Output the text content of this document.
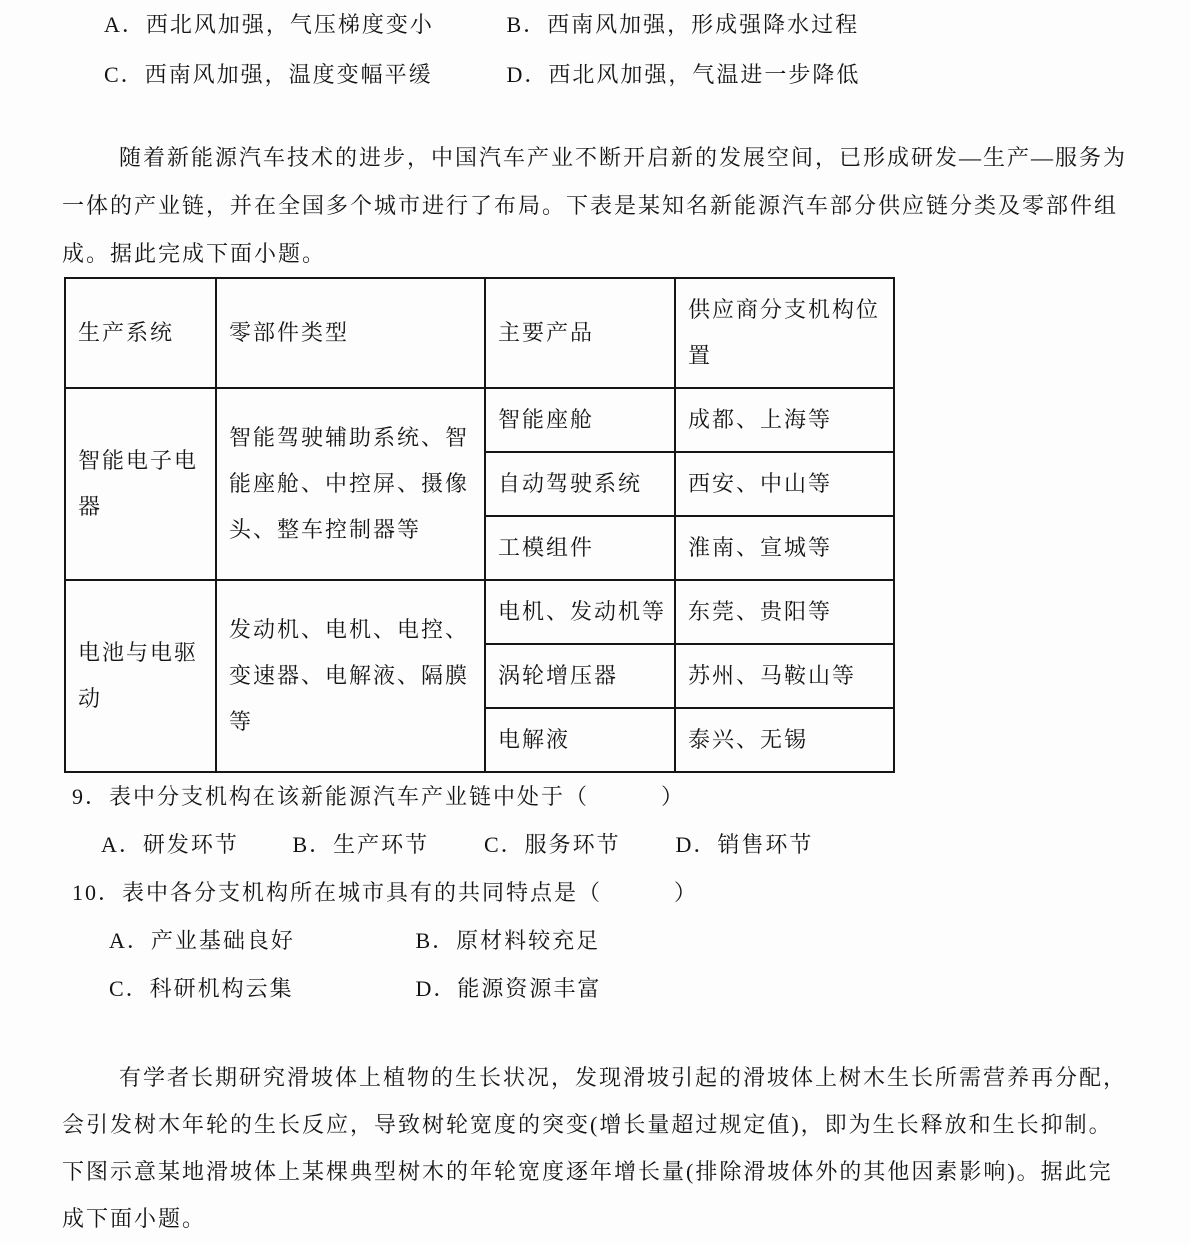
A．西北风加强，气压梯度变小	B．西南风加强，形成强降水过程
C．西南风加强，温度变幅平缓	D．西北风加强，气温进一步降低
随着新能源汽车技术的进步，中国汽车产业不断开启新的发展空间，已形成研发—生产—服务为
一体的产业链，并在全国多个城市进行了布局。下表是某知名新能源汽车部分供应链分类及零部件组
成。据此完成下面小题。
生产系统	零部件类型	主要产品	供应商分支机构位置
智能电子电器	智能驾驶辅助系统、智能座舱、中控屏、摄像头、整车控制器等	智能座舱	成都、上海等
		自动驾驶系统	西安、中山等
		工模组件	淮南、宣城等
电池与电驱动	发动机、电机、电控、变速器、电解液、隔膜等	电机、发动机等	东莞、贵阳等
		涡轮增压器	苏州、马鞍山等
		电解液	泰兴、无锡
9．表中分支机构在该新能源汽车产业链中处于（　　　）
A．研发环节 B．生产环节 C．服务环节 D．销售环节
10．表中各分支机构所在城市具有的共同特点是（　　　）
A．产业基础良好	B．原材料较充足
C．科研机构云集	D．能源资源丰富
有学者长期研究滑坡体上植物的生长状况，发现滑坡引起的滑坡体上树木生长所需营养再分配，
会引发树木年轮的生长反应，导致树轮宽度的突变(增长量超过规定值)，即为生长释放和生长抑制。
下图示意某地滑坡体上某棵典型树木的年轮宽度逐年增长量(排除滑坡体外的其他因素影响)。据此完
成下面小题。
